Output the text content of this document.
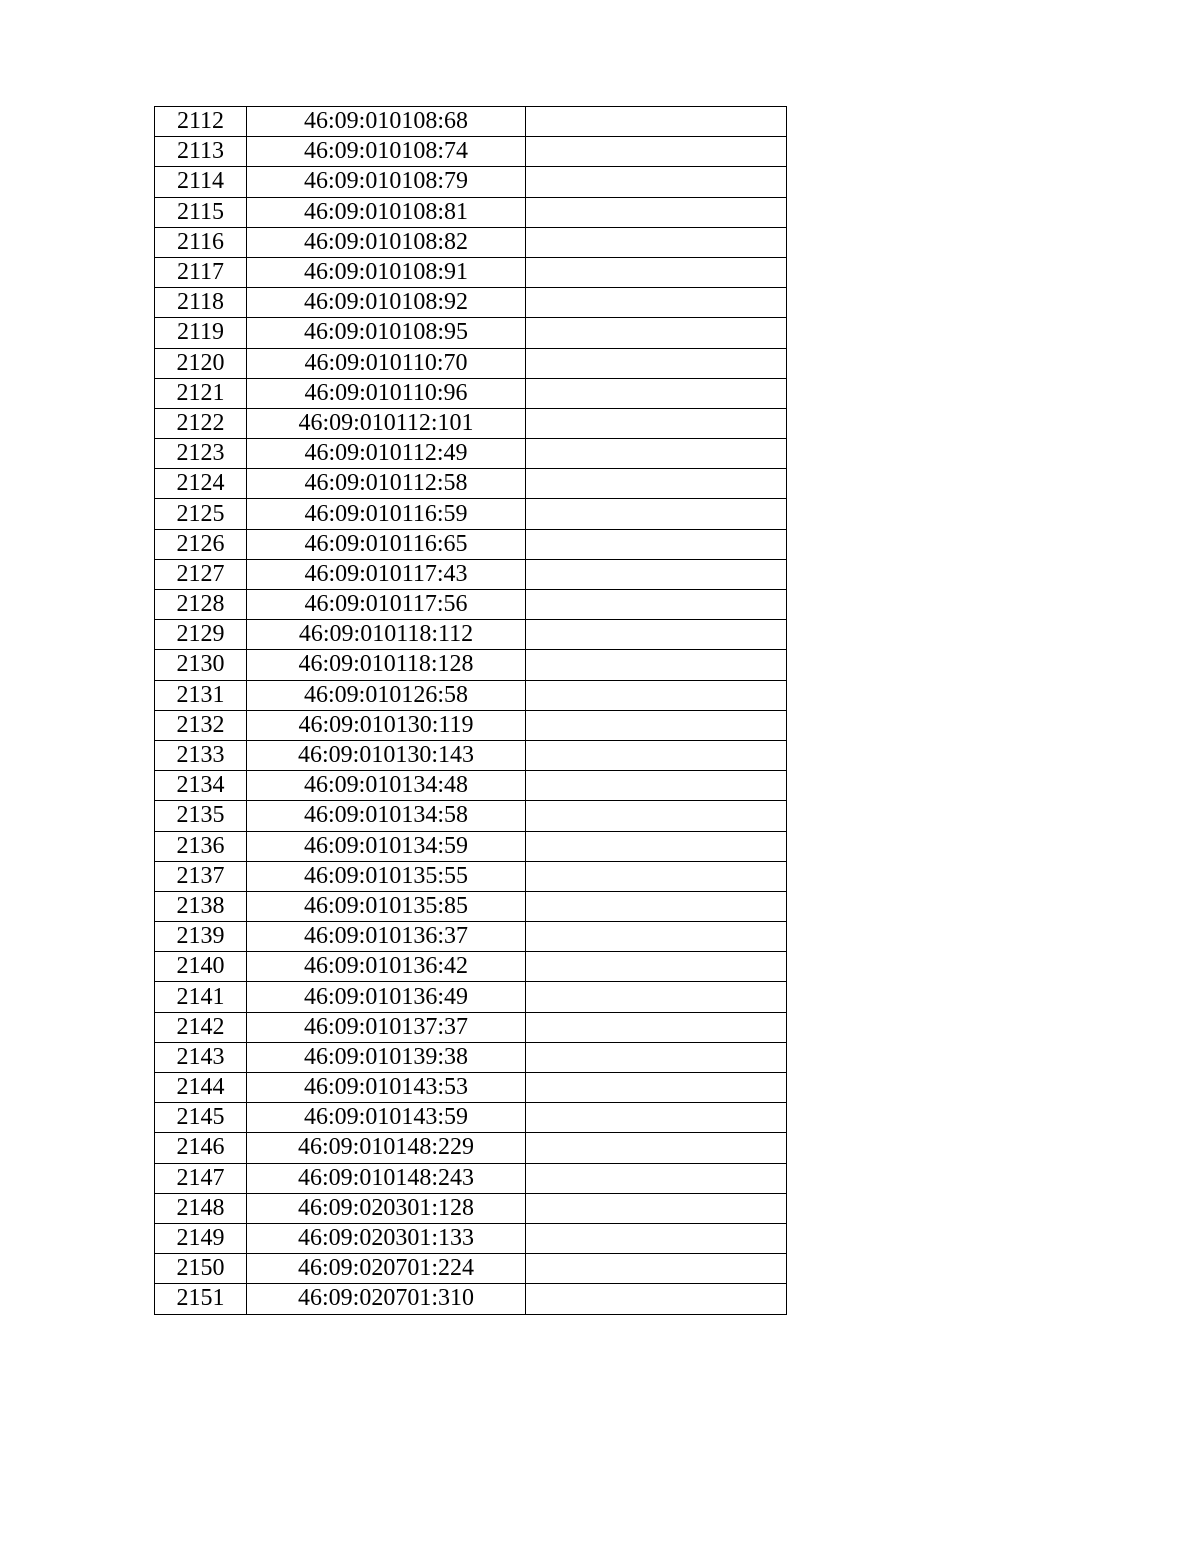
2112	46:09:010108:68	
2113	46:09:010108:74	
2114	46:09:010108:79	
2115	46:09:010108:81	
2116	46:09:010108:82	
2117	46:09:010108:91	
2118	46:09:010108:92	
2119	46:09:010108:95	
2120	46:09:010110:70	
2121	46:09:010110:96	
2122	46:09:010112:101	
2123	46:09:010112:49	
2124	46:09:010112:58	
2125	46:09:010116:59	
2126	46:09:010116:65	
2127	46:09:010117:43	
2128	46:09:010117:56	
2129	46:09:010118:112	
2130	46:09:010118:128	
2131	46:09:010126:58	
2132	46:09:010130:119	
2133	46:09:010130:143	
2134	46:09:010134:48	
2135	46:09:010134:58	
2136	46:09:010134:59	
2137	46:09:010135:55	
2138	46:09:010135:85	
2139	46:09:010136:37	
2140	46:09:010136:42	
2141	46:09:010136:49	
2142	46:09:010137:37	
2143	46:09:010139:38	
2144	46:09:010143:53	
2145	46:09:010143:59	
2146	46:09:010148:229	
2147	46:09:010148:243	
2148	46:09:020301:128	
2149	46:09:020301:133	
2150	46:09:020701:224	
2151	46:09:020701:310	
